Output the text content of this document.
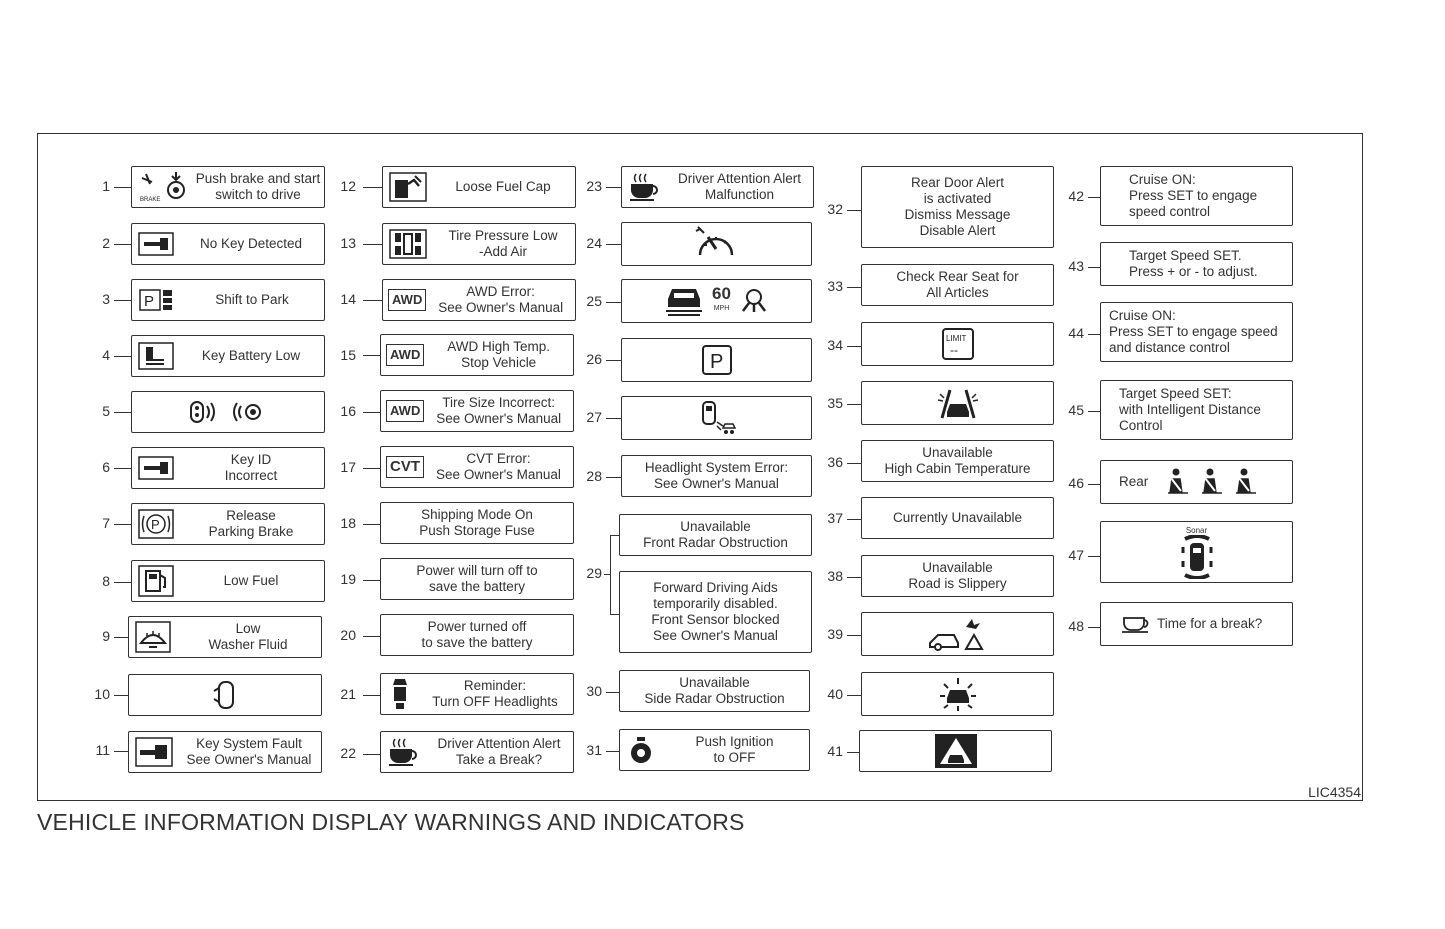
1
BRAKE
Push brake and start
switch to drive
2	No Key Detected
3 P	Shift to Park
4	Key Battery Low
5
6	Key ID
Incorrect
7	P
Release
Parking Brake
8	Low Fuel
9	Low
Washer Fluid
10
11	Key System Fault
See Owner's Manual
12	Loose Fuel Cap
13	Tire Pressure Low
-Add Air
14	AWD
AWD Error:
See Owner's Manual
15	AWD
AWD High Temp.
Stop Vehicle
16	AWD
Tire Size Incorrect:
See Owner's Manual
17 CVT	CVT Error:
See Owner's Manual
18
Shipping Mode On
Push Storage Fuse
19
Power will turn off to
save the battery
20
Power turned off
to save the battery
21
Reminder:
Turn OFF Headlights
22
Driver Attention Alert
Take a Break?
23	Driver Attention Alert
Malfunction
24
25	60
MPH
26	P
27
28
Headlight System Error:
See Owner's Manual
29
Unavailable
Front Radar Obstruction
Forward Driving Aids
temporarily disabled.
Front Sensor blocked
See Owner's Manual
30
Unavailable
Side Radar Obstruction
31
Push Ignition
to OFF
32
Rear Door Alert
is activated
Dismiss Message
Disable Alert
33
Check Rear Seat for
All Articles
34	LIMIT
--
35
36
Unavailable
High Cabin Temperature
37	Currently Unavailable
38
Unavailable
Road is Slippery
39
40
41
42
Cruise ON:
Press SET to engage
speed control
43
Target Speed SET.
Press + or - to adjust.
44
Cruise ON:
Press SET to engage speed
and distance control
45
Target Speed SET:
with Intelligent Distance
Control
46	Rear
47
Sonar
48	Time for a break?
LIC4354
VEHICLE INFORMATION DISPLAY WARNINGS AND INDICATORS
